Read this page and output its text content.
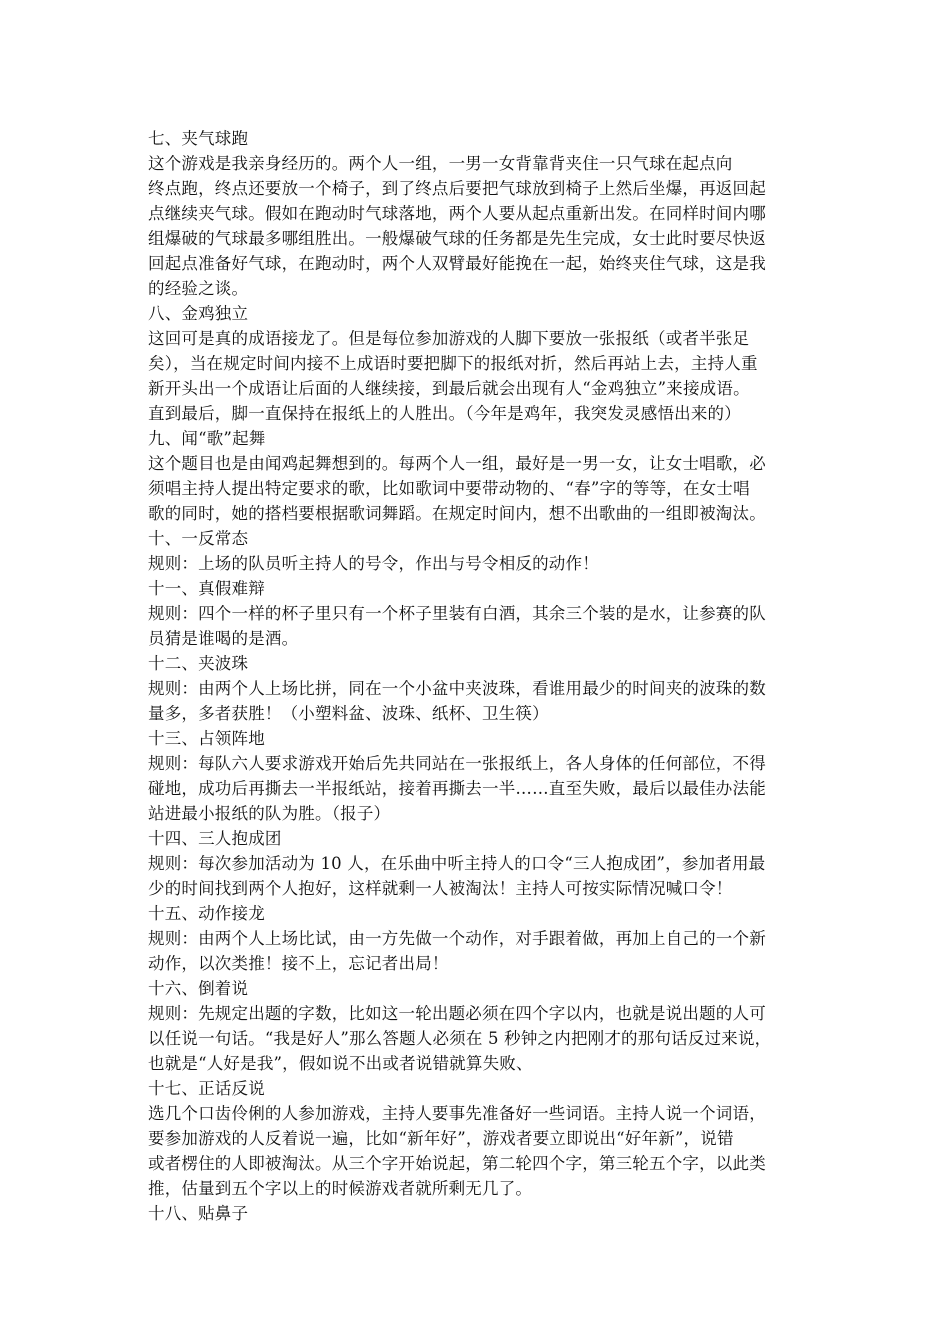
七、夹气球跑
这个游戏是我亲身经历的。两个人一组，一男一女背靠背夹住一只气球在起点向
终点跑，终点还要放一个椅子，到了终点后要把气球放到椅子上然后坐爆，再返回起
点继续夹气球。假如在跑动时气球落地，两个人要从起点重新出发。在同样时间内哪
组爆破的气球最多哪组胜出。一般爆破气球的任务都是先生完成，女士此时要尽快返
回起点准备好气球，在跑动时，两个人双臂最好能挽在一起，始终夹住气球，这是我
的经验之谈。
八、金鸡独立
这回可是真的成语接龙了。但是每位参加游戏的人脚下要放一张报纸（或者半张足
矣），当在规定时间内接不上成语时要把脚下的报纸对折，然后再站上去，主持人重
新开头出一个成语让后面的人继续接，到最后就会出现有人“金鸡独立”来接成语。
直到最后，脚一直保持在报纸上的人胜出。（今年是鸡年，我突发灵感悟出来的）
九、闻“歌”起舞
这个题目也是由闻鸡起舞想到的。每两个人一组，最好是一男一女，让女士唱歌，必
须唱主持人提出特定要求的歌，比如歌词中要带动物的、“春”字的等等，在女士唱
歌的同时，她的搭档要根据歌词舞蹈。在规定时间内，想不出歌曲的一组即被淘汰。
十、一反常态
规则：上场的队员听主持人的号令，作出与号令相反的动作！
十一、真假难辩
规则：四个一样的杯子里只有一个杯子里装有白酒，其余三个装的是水，让参赛的队
员猜是谁喝的是酒。
十二、夹波珠
规则：由两个人上场比拼，同在一个小盆中夹波珠，看谁用最少的时间夹的波珠的数
量多，多者获胜！（小塑料盆、波珠、纸杯、卫生筷）
十三、占领阵地
规则：每队六人要求游戏开始后先共同站在一张报纸上，各人身体的任何部位，不得
碰地，成功后再撕去一半报纸站，接着再撕去一半……直至失败，最后以最佳办法能
站进最小报纸的队为胜。（报子）
十四、三人抱成团
规则：每次参加活动为 10 人，在乐曲中听主持人的口令“三人抱成团”，参加者用最
少的时间找到两个人抱好，这样就剩一人被淘汰！主持人可按实际情况喊口令！
十五、动作接龙
规则：由两个人上场比试，由一方先做一个动作，对手跟着做，再加上自己的一个新
动作，以次类推！接不上，忘记者出局！
十六、倒着说
规则：先规定出题的字数，比如这一轮出题必须在四个字以内，也就是说出题的人可
以任说一句话。“我是好人”那么答题人必须在 5 秒钟之内把刚才的那句话反过来说，
也就是“人好是我”，假如说不出或者说错就算失败、
十七、正话反说
选几个口齿伶俐的人参加游戏，主持人要事先准备好一些词语。主持人说一个词语，
要参加游戏的人反着说一遍，比如“新年好”，游戏者要立即说出“好年新”，说错
或者楞住的人即被淘汰。从三个字开始说起，第二轮四个字，第三轮五个字，以此类
推，估量到五个字以上的时候游戏者就所剩无几了。
十八、贴鼻子
